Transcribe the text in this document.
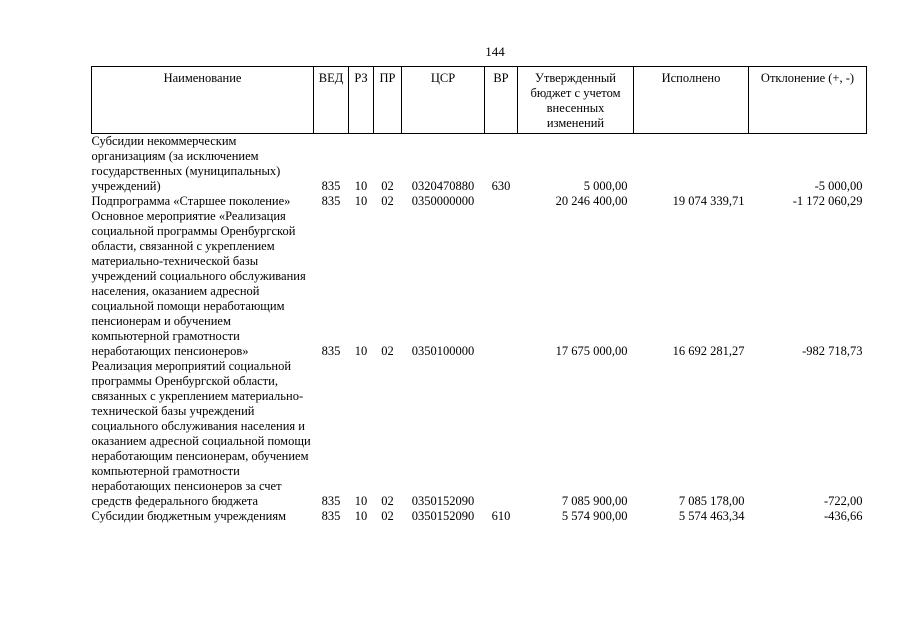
144
Наименование	ВЕД	РЗ	ПР	ЦСР	ВР	Утвержденный бюджет с учетом внесенных изменений	Исполнено	Отклонение (+, -)
Субсидии некоммерческим организациям (за исключением государственных (муниципальных) учреждений)	835	10	02	0320470880	630	5 000,00		-5 000,00
Подпрограмма «Старшее поколение»	835	10	02	0350000000		20 246 400,00	19 074 339,71	-1 172 060,29
Основное мероприятие «Реализация социальной программы Оренбургской области, связанной с укреплением материально-технической базы учреждений социального обслуживания населения, оказанием адресной социальной помощи неработающим пенсионерам и обучением компьютерной грамотности неработающих пенсионеров»	835	10	02	0350100000		17 675 000,00	16 692 281,27	-982 718,73
Реализация мероприятий социальной программы Оренбургской области, связанных с укреплением материально-технической базы учреждений социального обслуживания населения и оказанием адресной социальной помощи неработающим пенсионерам, обучением компьютерной грамотности неработающих пенсионеров за счет средств федерального бюджета	835	10	02	0350152090		7 085 900,00	7 085 178,00	-722,00
Субсидии бюджетным учреждениям	835	10	02	0350152090	610	5 574 900,00	5 574 463,34	-436,66
